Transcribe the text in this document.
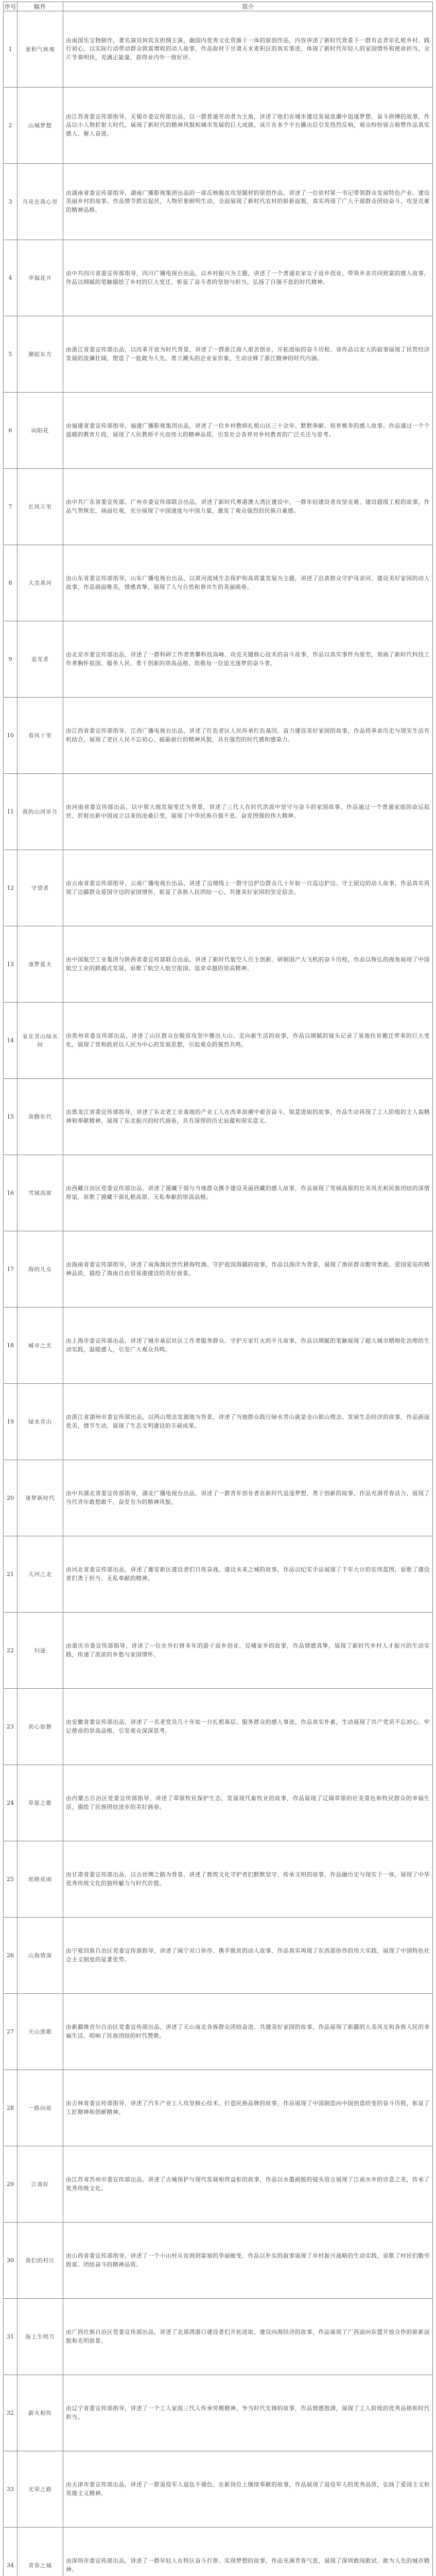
序号	稿件	简介
1	麦积气候观	由南国乐宝物制作，著名演员何宾友担纲主演，融国内优秀文化资源于一体的原创作品，内容讲述了新时代背景下一群有志青年扎根乡村、践行初心，以实际行动带动群众致富增收的动人故事，作品取材于甘肃天水麦积区的真实事迹，体现了新时代年轻人的家国情怀和使命担当，全片节奏明快，充满正能量，获得业内外一致好评。
2	山城梦想	由江苏省委宣传部指导，无锡市委宣传部出品，以一群普通劳动者为主角，讲述了他们在城市建设发展浪潮中追逐梦想、奋斗拼搏的故事，作品以小人物折射大时代，展现了新时代的精神风貌和城市发展的巨大成就。该片在多个平台播出后引发热烈反响，观众纷纷留言称赞作品真实感人、催人奋进。
3	月亮在我心里	由湖南省委宣传部指导，湖南广播影视集团出品的一部反映脱贫攻坚题材的原创作品，讲述了一位驻村第一书记带领群众发展特色产业、建设美丽乡村的故事。作品情节跌宕起伏，人物形象鲜明生动，全面展现了新时代农村的崭新面貌，真实再现了广大干部群众团结奋斗、攻坚克难的精神品格。
4	幸福花开	由中共四川省委宣传部指导，四川广播电视台出品，以乡村振兴为主题，讲述了一个普通农家女子返乡创业、带领乡亲共同致富的感人故事，作品以细腻的笔触描绘了乡村的巨大变迁，彰显了奋斗者的坚韧与担当，弘扬了自强不息的时代精神。
5	潮起东方	由浙江省委宣传部出品，以改革开放为时代背景，讲述了一群浙江商人艰苦创业、开拓进取的奋斗历程。该作品以宏大的叙事展现了民营经济发展的波澜壮阔，塑造了一批敢为人先、勇立潮头的企业家形象，生动诠释了浙江精神的时代内涵。
6	向阳花	由福建省委宣传部指导，福建广播影视集团出品，讲述了一位乡村教师扎根山区三十余年、默默奉献、培育桃李的感人故事。作品通过一个个温暖的教育片段，展现了人民教师平凡而伟大的精神品质，引发社会各界对乡村教育的广泛关注与思考。
7	长风万里	由中共广东省委宣传部、广州市委宣传部联合出品，讲述了新时代粤港澳大湾区建设中，一群年轻建设者攻坚克难、建设超级工程的故事，作品气势恢宏，场面壮观，充分展现了中国速度与中国力量，激发了观众强烈的民族自豪感。
8	大美黄河	由山东省委宣传部指导，山东广播电视台出品，以黄河流域生态保护和高质量发展为主题，讲述了沿黄群众守护母亲河、建设美好家园的动人故事，作品画面唯美，情感真挚，展现了人与自然和谐共生的美丽画卷。
9	追光者	由北京市委宣传部出品，讲述了一群科研工作者勇攀科技高峰、攻克关键核心技术的奋斗故事，作品以真实事件为原型，刻画了新时代科技工作者胸怀祖国、服务人民、勇于创新的崇高品格，致敬每一位追光逐梦的奋斗者。
10	春风十里	由江西省委宣传部指导，江西广播电视台出品，讲述了红色老区人民传承红色基因、奋力建设美好家园的故事，作品将革命历史与现实生活有机结合，展现了老区人民不忘初心、砥砺前行的精神风貌，具有强烈的时代感和感染力。
11	我的山河岁月	由河南省委宣传部出品，以中原大地发展变迁为背景，讲述了三代人在时代洪流中坚守与奋斗的家国故事。作品通过一个普通家庭的命运起伏，折射出新中国成立以来的沧桑巨变，展现了中华民族自强不息、奋发图强的伟大精神。
12	守望者	由云南省委宣传部指导，云南广播电视台出品，讲述了边境线上一群守边护边群众几十年如一日巡边护边、守土固边的动人故事，作品真实再现了边疆群众爱国守边的家国情怀，彰显了各族人民团结一心、共建美好家园的坚定信念。
13	逐梦蓝天	由中国航空工业集团与陕西省委宣传部联合出品，讲述了新时代航空人自主创新、研制国产大飞机的奋斗历程，作品以恢弘的视角展现了中国航空工业的跨越式发展，讴歌了航空人航空报国、追求卓越的崇高精神。
14	家在青山绿水间	由贵州省委宣传部出品，讲述了山区群众在脱贫攻坚中搬出大山、走向新生活的故事，作品以细腻的镜头记录了易地扶贫搬迁带来的巨大变化，展现了党和政府以人民为中心的发展思想，引起观众的强烈共鸣。
15	奔腾年代	由黑龙江省委宣传部指导，讲述了东北老工业基地的产业工人在改革浪潮中艰苦奋斗、锐意进取的故事，作品生动再现了工人阶级的主人翁精神和奉献精神，展现了东北振兴的时代画卷，具有深厚的历史底蕴和现实意义。
16	雪域高原	由西藏自治区党委宣传部出品，讲述了援藏干部与当地群众携手建设美丽西藏的感人故事，作品展现了雪域高原的壮美风光和民族团结的深情厚谊，讴歌了援藏干部扎根高原、无私奉献的崇高品格。
17	海的儿女	由海南省委宣传部指导，讲述了南海渔民世代耕海牧渔、守护祖国海疆的故事，作品以海洋为背景，展现了渔民群众勤劳勇敢、爱国爱岛的精神品质，描绘了海南自由贸易港建设的美好前景。
18	城市之光	由上海市委宣传部出品，讲述了城市基层社区工作者服务群众、守护万家灯火的平凡故事，作品以细腻的笔触展现了超大城市精细化治理的生动实践，温暖感人，引发广大观众共鸣。
19	绿水青山	由浙江省湖州市委宣传部出品，以两山理念发源地为背景，讲述了当地群众践行绿水青山就是金山银山理念、发展生态经济的故事，作品画面优美，情节生动，展现了生态文明建设的丰硕成果。
20	逐梦新时代	由中共湖北省委宣传部指导，湖北广播电视台出品，讲述了一群青年创业者在新时代追逐梦想、勇于创新的故事，作品充满青春活力，展现了当代青年敢想敢干、奋发有为的精神风貌。
21	大河之北	由河北省委宣传部出品，讲述了雄安新区建设者们日夜奋战、建设未来之城的故事，作品以纪实手法展现了千年大计的宏伟蓝图，讴歌了建设者们勇于担当、无私奉献的精神。
22	归途	由重庆市委宣传部指导，讲述了一位在外打拼多年的游子返乡创业、反哺家乡的故事，作品情感真挚，展现了新时代乡村人才振兴的生动实践，传递了浓浓的乡愁与家国情怀。
23	初心如磐	由安徽省委宣传部出品，讲述了一名老党员几十年如一日扎根基层、服务群众的感人事迹，作品真实朴素，生动展现了共产党员不忘初心、牢记使命的崇高品格，引发观众深深思考。
24	草原之歌	由内蒙古自治区党委宣传部指导，讲述了草原牧民保护生态、发展现代畜牧业的故事，作品展现了辽阔草原的壮美景色和牧民群众的幸福生活，描绘了民族团结进步的美好画卷。
25	丝路花雨	由甘肃省委宣传部出品，以古丝绸之路为背景，讲述了敦煌文化守护者们默默坚守、传承文明的故事，作品融历史与现实于一体，展现了中华优秀传统文化的独特魅力与时代价值。
26	山海情深	由宁夏回族自治区党委宣传部指导，讲述了闽宁对口协作、携手脱贫的动人故事，作品真实再现了东西部协作的伟大实践，展现了中国特色社会主义制度的显著优势。
27	天山放歌	由新疆维吾尔自治区党委宣传部出品，讲述了天山南北各族群众团结奋进、共建美好家园的故事，作品展现了新疆的大美风光和各族人民的幸福生活，唱响了民族团结的时代赞歌。
28	一路向前	由吉林省委宣传部指导，讲述了汽车产业工人攻坚核心技术、打造民族品牌的故事，作品展现了中国制造向中国创造转变的奋斗历程，彰显了工匠精神和创新精神。
29	江南好	由江苏省苏州市委宣传部出品，讲述了古城保护与现代发展相得益彰的故事，作品以水墨画般的镜头语言展现了江南水乡的诗意之美，传承了优秀传统文化。
30	我们的村庄	由山西省委宣传部指导，讲述了一个小山村从贫困到富裕的华丽蜕变，作品以朴实的叙事展现了乡村振兴战略的生动实践，讴歌了村民们勤劳致富、团结奋斗的精神品质。
31	海上生明月	由广西壮族自治区党委宣传部出品，讲述了北部湾港口建设者们开拓进取、建设向海经济的故事，作品展现了广西面向东盟开放合作的崭新面貌和光明前景。
32	薪火相传	由辽宁省委宣传部指导，讲述了一个工人家庭三代人传承劳模精神、争当时代先锋的故事，作品情感饱满，展现了工人阶级的优秀品格和时代担当。
33	光荣之路	由天津市委宣传部出品，讲述了一群退役军人退伍不褪色、在新岗位上继续奉献的故事，作品展现了退役军人的优秀品质，弘扬了爱国主义和英雄主义精神。
34	青春之城	由深圳市委宣传部出品，讲述了一群年轻人在特区奋斗打拼、实现梦想的故事，作品充满青春气息，展现了深圳敢闯敢试、敢为人先的城市精神。
